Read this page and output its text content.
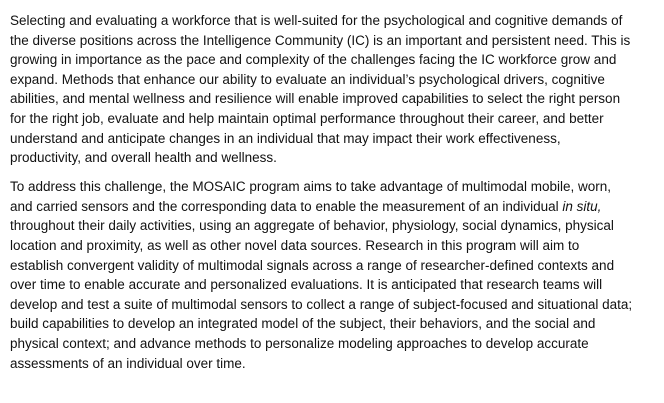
Selecting and evaluating a workforce that is well-suited for the psychological and cognitive demands of
the diverse positions across the Intelligence Community (IC) is an important and persistent need. This is
growing in importance as the pace and complexity of the challenges facing the IC workforce grow and
expand. Methods that enhance our ability to evaluate an individual’s psychological drivers, cognitive
abilities, and mental wellness and resilience will enable improved capabilities to select the right person
for the right job, evaluate and help maintain optimal performance throughout their career, and better
understand and anticipate changes in an individual that may impact their work effectiveness,
productivity, and overall health and wellness.

To address this challenge, the MOSAIC program aims to take advantage of multimodal mobile, worn,
and carried sensors and the corresponding data to enable the measurement of an individual in situ,
throughout their daily activities, using an aggregate of behavior, physiology, social dynamics, physical
location and proximity, as well as other novel data sources. Research in this program will aim to
establish convergent validity of multimodal signals across a range of researcher-defined contexts and
over time to enable accurate and personalized evaluations. It is anticipated that research teams will
develop and test a suite of multimodal sensors to collect a range of subject-focused and situational data;
build capabilities to develop an integrated model of the subject, their behaviors, and the social and
physical context; and advance methods to personalize modeling approaches to develop accurate
assessments of an individual over time.
